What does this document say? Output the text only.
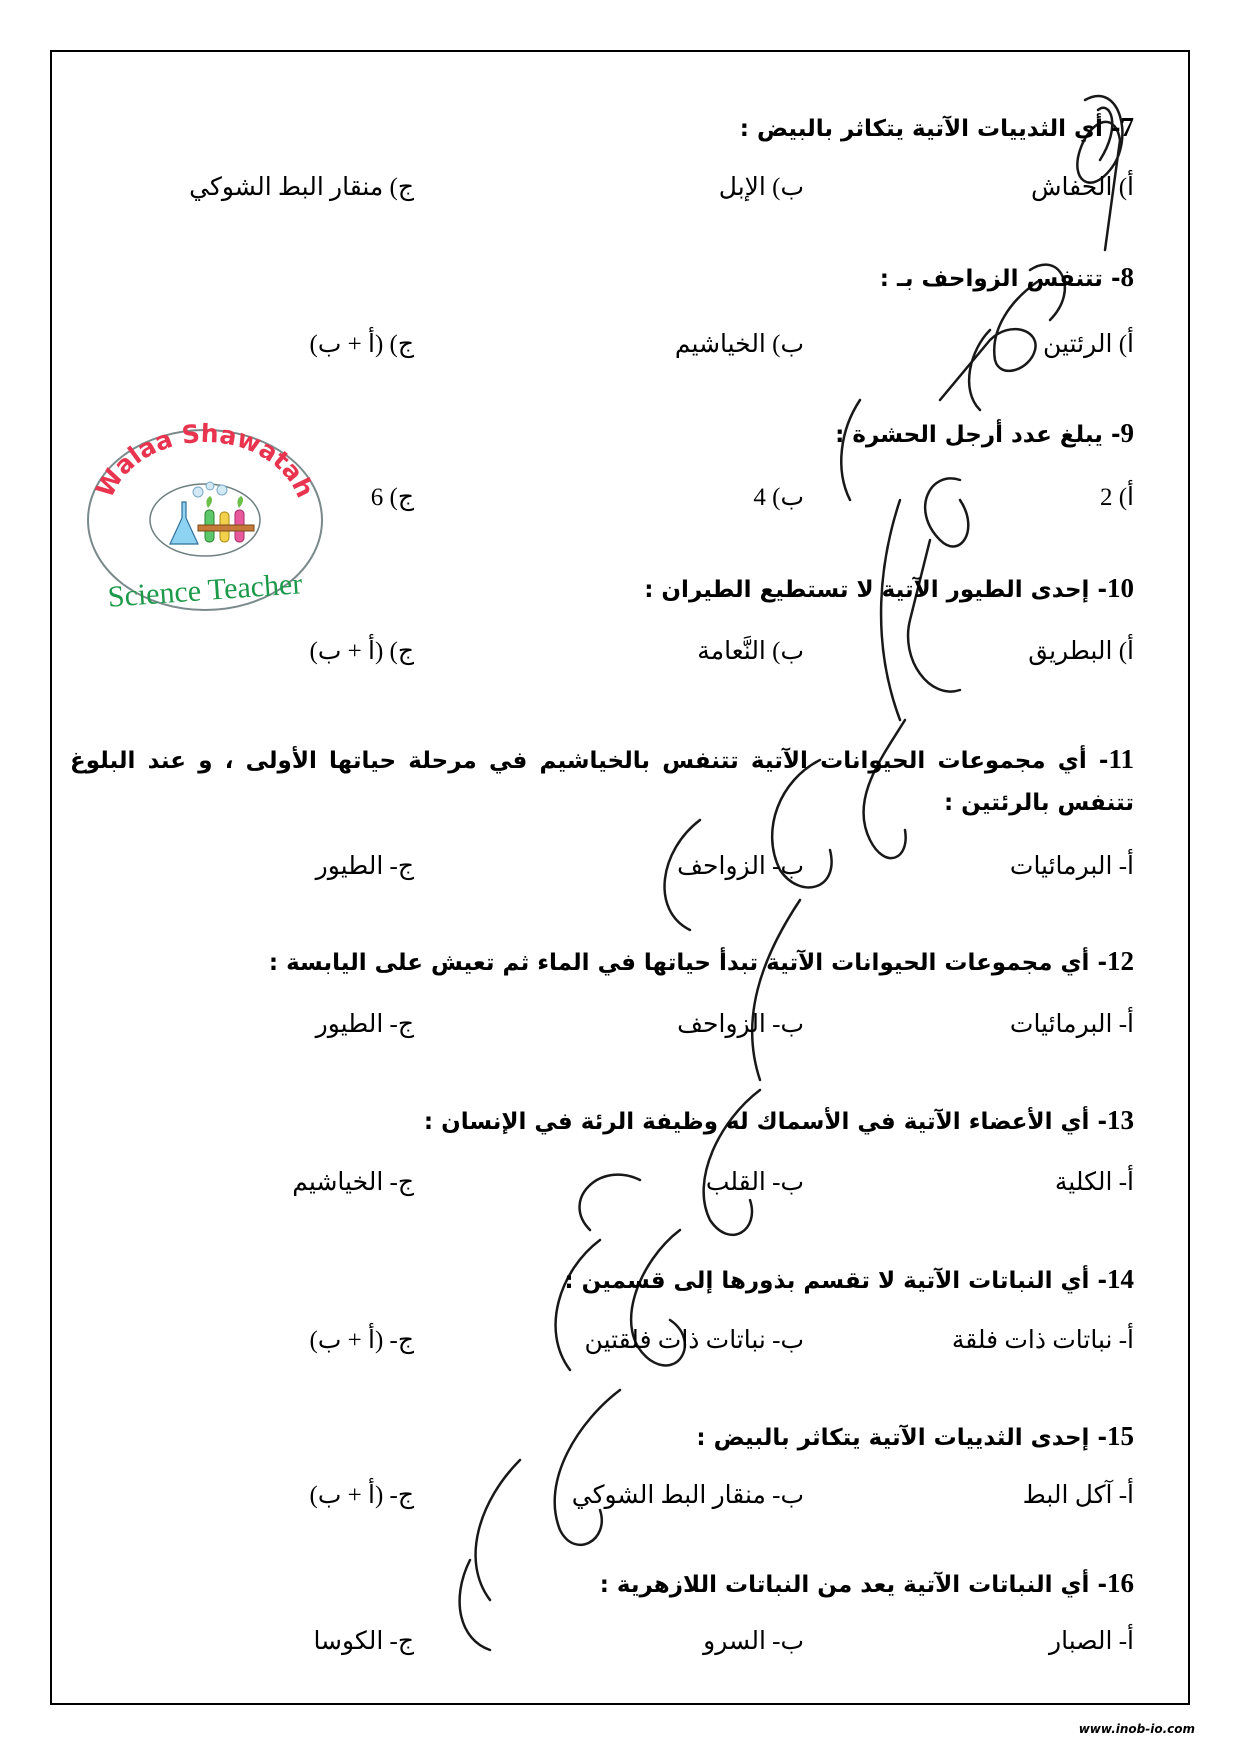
7- أي الثدييات الآتية يتكاثر بالبيض :
أ) الخفاش
ب) الإبل
ج) منقار البط الشوكي
8- تتنفس الزواحف بـ :
أ) الرئتين
ب) الخياشيم
ج) (أ + ب)
9- يبلغ عدد أرجل الحشرة :
أ) 2
ب) 4
ج) 6
10- إحدى الطيور الآتية لا تستطيع الطيران :
أ) البطريق
ب) النَّعامة
ج) (أ + ب)
11- أي مجموعات الحيوانات الآتية تتنفس بالخياشيم في مرحلة حياتها الأولى ، و عند البلوغ تتنفس بالرئتين :
أ- البرمائيات
ب- الزواحف
ج- الطيور
12- أي مجموعات الحيوانات الآتية تبدأ حياتها في الماء ثم تعيش على اليابسة :
أ- البرمائيات
ب- الزواحف
ج- الطيور
13- أي الأعضاء الآتية في الأسماك له وظيفة الرئة في الإنسان :
أ- الكلية
ب- القلب
ج- الخياشيم
14- أي النباتات الآتية لا تقسم بذورها إلى قسمين :
أ- نباتات ذات فلقة
ب- نباتات ذات فلقتين
ج- (أ + ب)
15- إحدى الثدييات الآتية يتكاثر بالبيض :
أ- آكل البط
ب- منقار البط الشوكي
ج- (أ + ب)
16- أي النباتات الآتية يعد من النباتات اللازهرية :
أ- الصبار
ب- السرو
ج- الكوسا
Walaa Shawatah
Science Teacher
www.inob-io.com
